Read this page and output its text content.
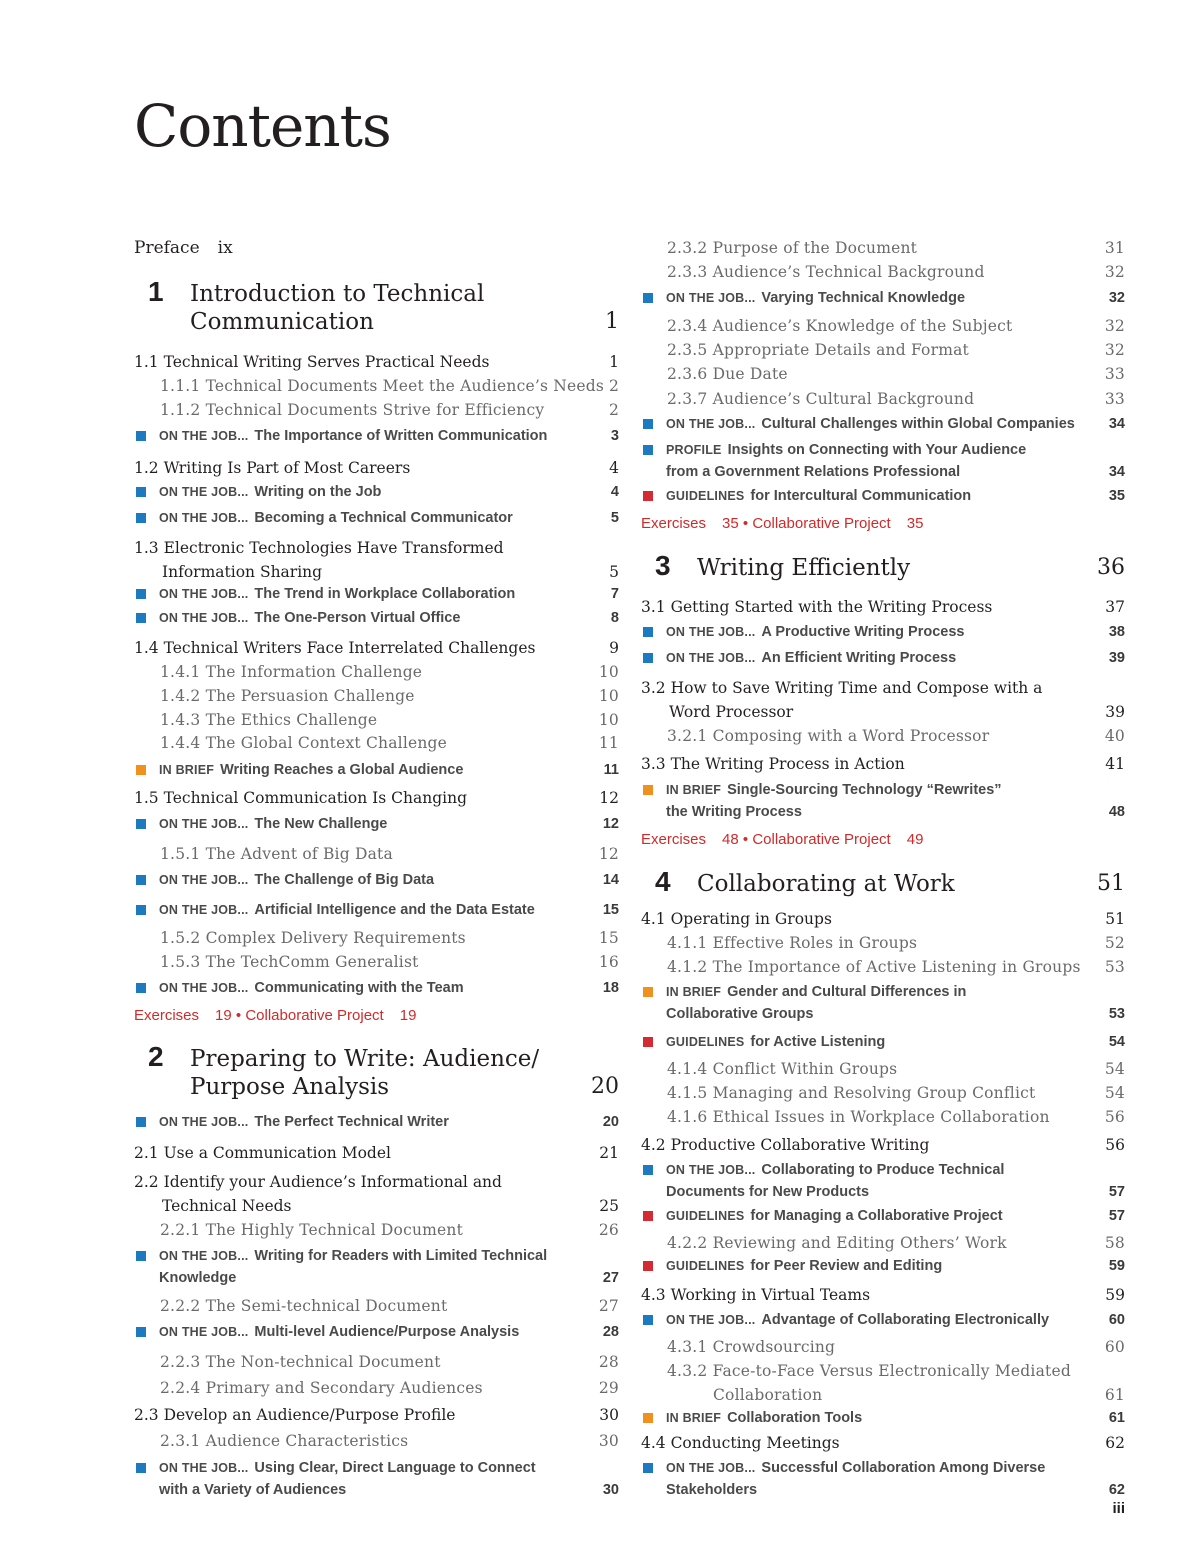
Contents
Preface ix
1 Introduction to Technical
Communication	1
1.1 Technical Writing Serves Practical Needs	1
1.1.1 Technical Documents Meet the Audience’s Needs 2
1.1.2 Technical Documents Strive for Efficiency	2
ON THE JOB... The Importance of Written Communication	3
1.2 Writing Is Part of Most Careers	4
ON THE JOB... Writing on the Job	4
ON THE JOB... Becoming a Technical Communicator	5
1.3 Electronic Technologies Have Transformed
Information Sharing	5
ON THE JOB... The Trend in Workplace Collaboration	7
ON THE JOB... The One-Person Virtual Office	8
1.4 Technical Writers Face Interrelated Challenges	9
1.4.1 The Information Challenge	10
1.4.2 The Persuasion Challenge	10
1.4.3 The Ethics Challenge	10
1.4.4 The Global Context Challenge	11
IN BRIEF Writing Reaches a Global Audience	11
1.5 Technical Communication Is Changing	12
ON THE JOB... The New Challenge	12
1.5.1 The Advent of Big Data	12
ON THE JOB... The Challenge of Big Data	14
ON THE JOB... Artificial Intelligence and the Data Estate	15
1.5.2 Complex Delivery Requirements	15
1.5.3 The TechComm Generalist	16
ON THE JOB... Communicating with the Team	18
Exercises 19 • Collaborative Project 19
2 Preparing to Write: Audience/
Purpose Analysis	20
ON THE JOB... The Perfect Technical Writer	20
2.1 Use a Communication Model	21
2.2 Identify your Audience’s Informational and
Technical Needs	25
2.2.1 The Highly Technical Document	26
ON THE JOB... Writing for Readers with Limited Technical
Knowledge	27
2.2.2 The Semi-technical Document	27
ON THE JOB... Multi-level Audience/Purpose Analysis	28
2.2.3 The Non-technical Document	28
2.2.4 Primary and Secondary Audiences	29
2.3 Develop an Audience/Purpose Profile	30
2.3.1 Audience Characteristics	30
ON THE JOB... Using Clear, Direct Language to Connect
with a Variety of Audiences	30
2.3.2 Purpose of the Document	31
2.3.3 Audience’s Technical Background	32
ON THE JOB... Varying Technical Knowledge	32
2.3.4 Audience’s Knowledge of the Subject	32
2.3.5 Appropriate Details and Format	32
2.3.6 Due Date	33
2.3.7 Audience’s Cultural Background	33
ON THE JOB... Cultural Challenges within Global Companies 34
PROFILE Insights on Connecting with Your Audience
from a Government Relations Professional	34
GUIDELINES for Intercultural Communication	35
Exercises 35 • Collaborative Project 35
3 Writing Efficiently	36
3.1 Getting Started with the Writing Process	37
ON THE JOB... A Productive Writing Process	38
ON THE JOB... An Efficient Writing Process	39
3.2 How to Save Writing Time and Compose with a
Word Processor	39
3.2.1 Composing with a Word Processor	40
3.3 The Writing Process in Action	41
IN BRIEF Single-Sourcing Technology “Rewrites”
the Writing Process	48
Exercises 48 • Collaborative Project 49
4 Collaborating at Work	51
4.1 Operating in Groups	51
4.1.1 Effective Roles in Groups	52
4.1.2 The Importance of Active Listening in Groups 53
IN BRIEF Gender and Cultural Differences in
Collaborative Groups	53
GUIDELINES for Active Listening	54
4.1.4 Conflict Within Groups	54
4.1.5 Managing and Resolving Group Conflict	54
4.1.6 Ethical Issues in Workplace Collaboration	56
4.2 Productive Collaborative Writing	56
ON THE JOB... Collaborating to Produce Technical
Documents for New Products	57
GUIDELINES for Managing a Collaborative Project	57
4.2.2 Reviewing and Editing Others’ Work	58
GUIDELINES for Peer Review and Editing	59
4.3 Working in Virtual Teams	59
ON THE JOB... Advantage of Collaborating Electronically	60
4.3.1 Crowdsourcing	60
4.3.2 Face-to-Face Versus Electronically Mediated
Collaboration	61
IN BRIEF Collaboration Tools	61
4.4 Conducting Meetings	62
ON THE JOB... Successful Collaboration Among Diverse
Stakeholders	62
iii
